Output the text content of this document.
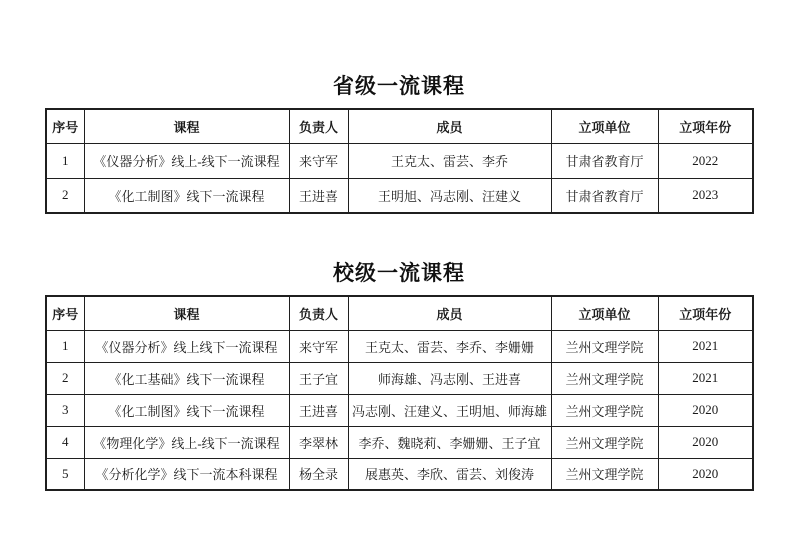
省级一流课程
序号	课程	负责人	成员	立项单位	立项年份
1	《仪器分析》线上-线下一流课程	来守军	王克太、雷芸、李乔	甘肃省教育厅	2022
2	《化工制图》线下一流课程	王进喜	王明旭、冯志刚、汪建义	甘肃省教育厅	2023
校级一流课程
序号	课程	负责人	成员	立项单位	立项年份
1	《仪器分析》线上线下一流课程	来守军	王克太、雷芸、李乔、李姗姗	兰州文理学院	2021
2	《化工基础》线下一流课程	王子宜	师海雄、冯志刚、王进喜	兰州文理学院	2021
3	《化工制图》线下一流课程	王进喜	冯志刚、汪建义、王明旭、师海雄	兰州文理学院	2020
4	《物理化学》线上-线下一流课程	李翠林	李乔、魏晓莉、李姗姗、王子宜	兰州文理学院	2020
5	《分析化学》线下一流本科课程	杨全录	展惠英、李欣、雷芸、刘俊涛	兰州文理学院	2020
